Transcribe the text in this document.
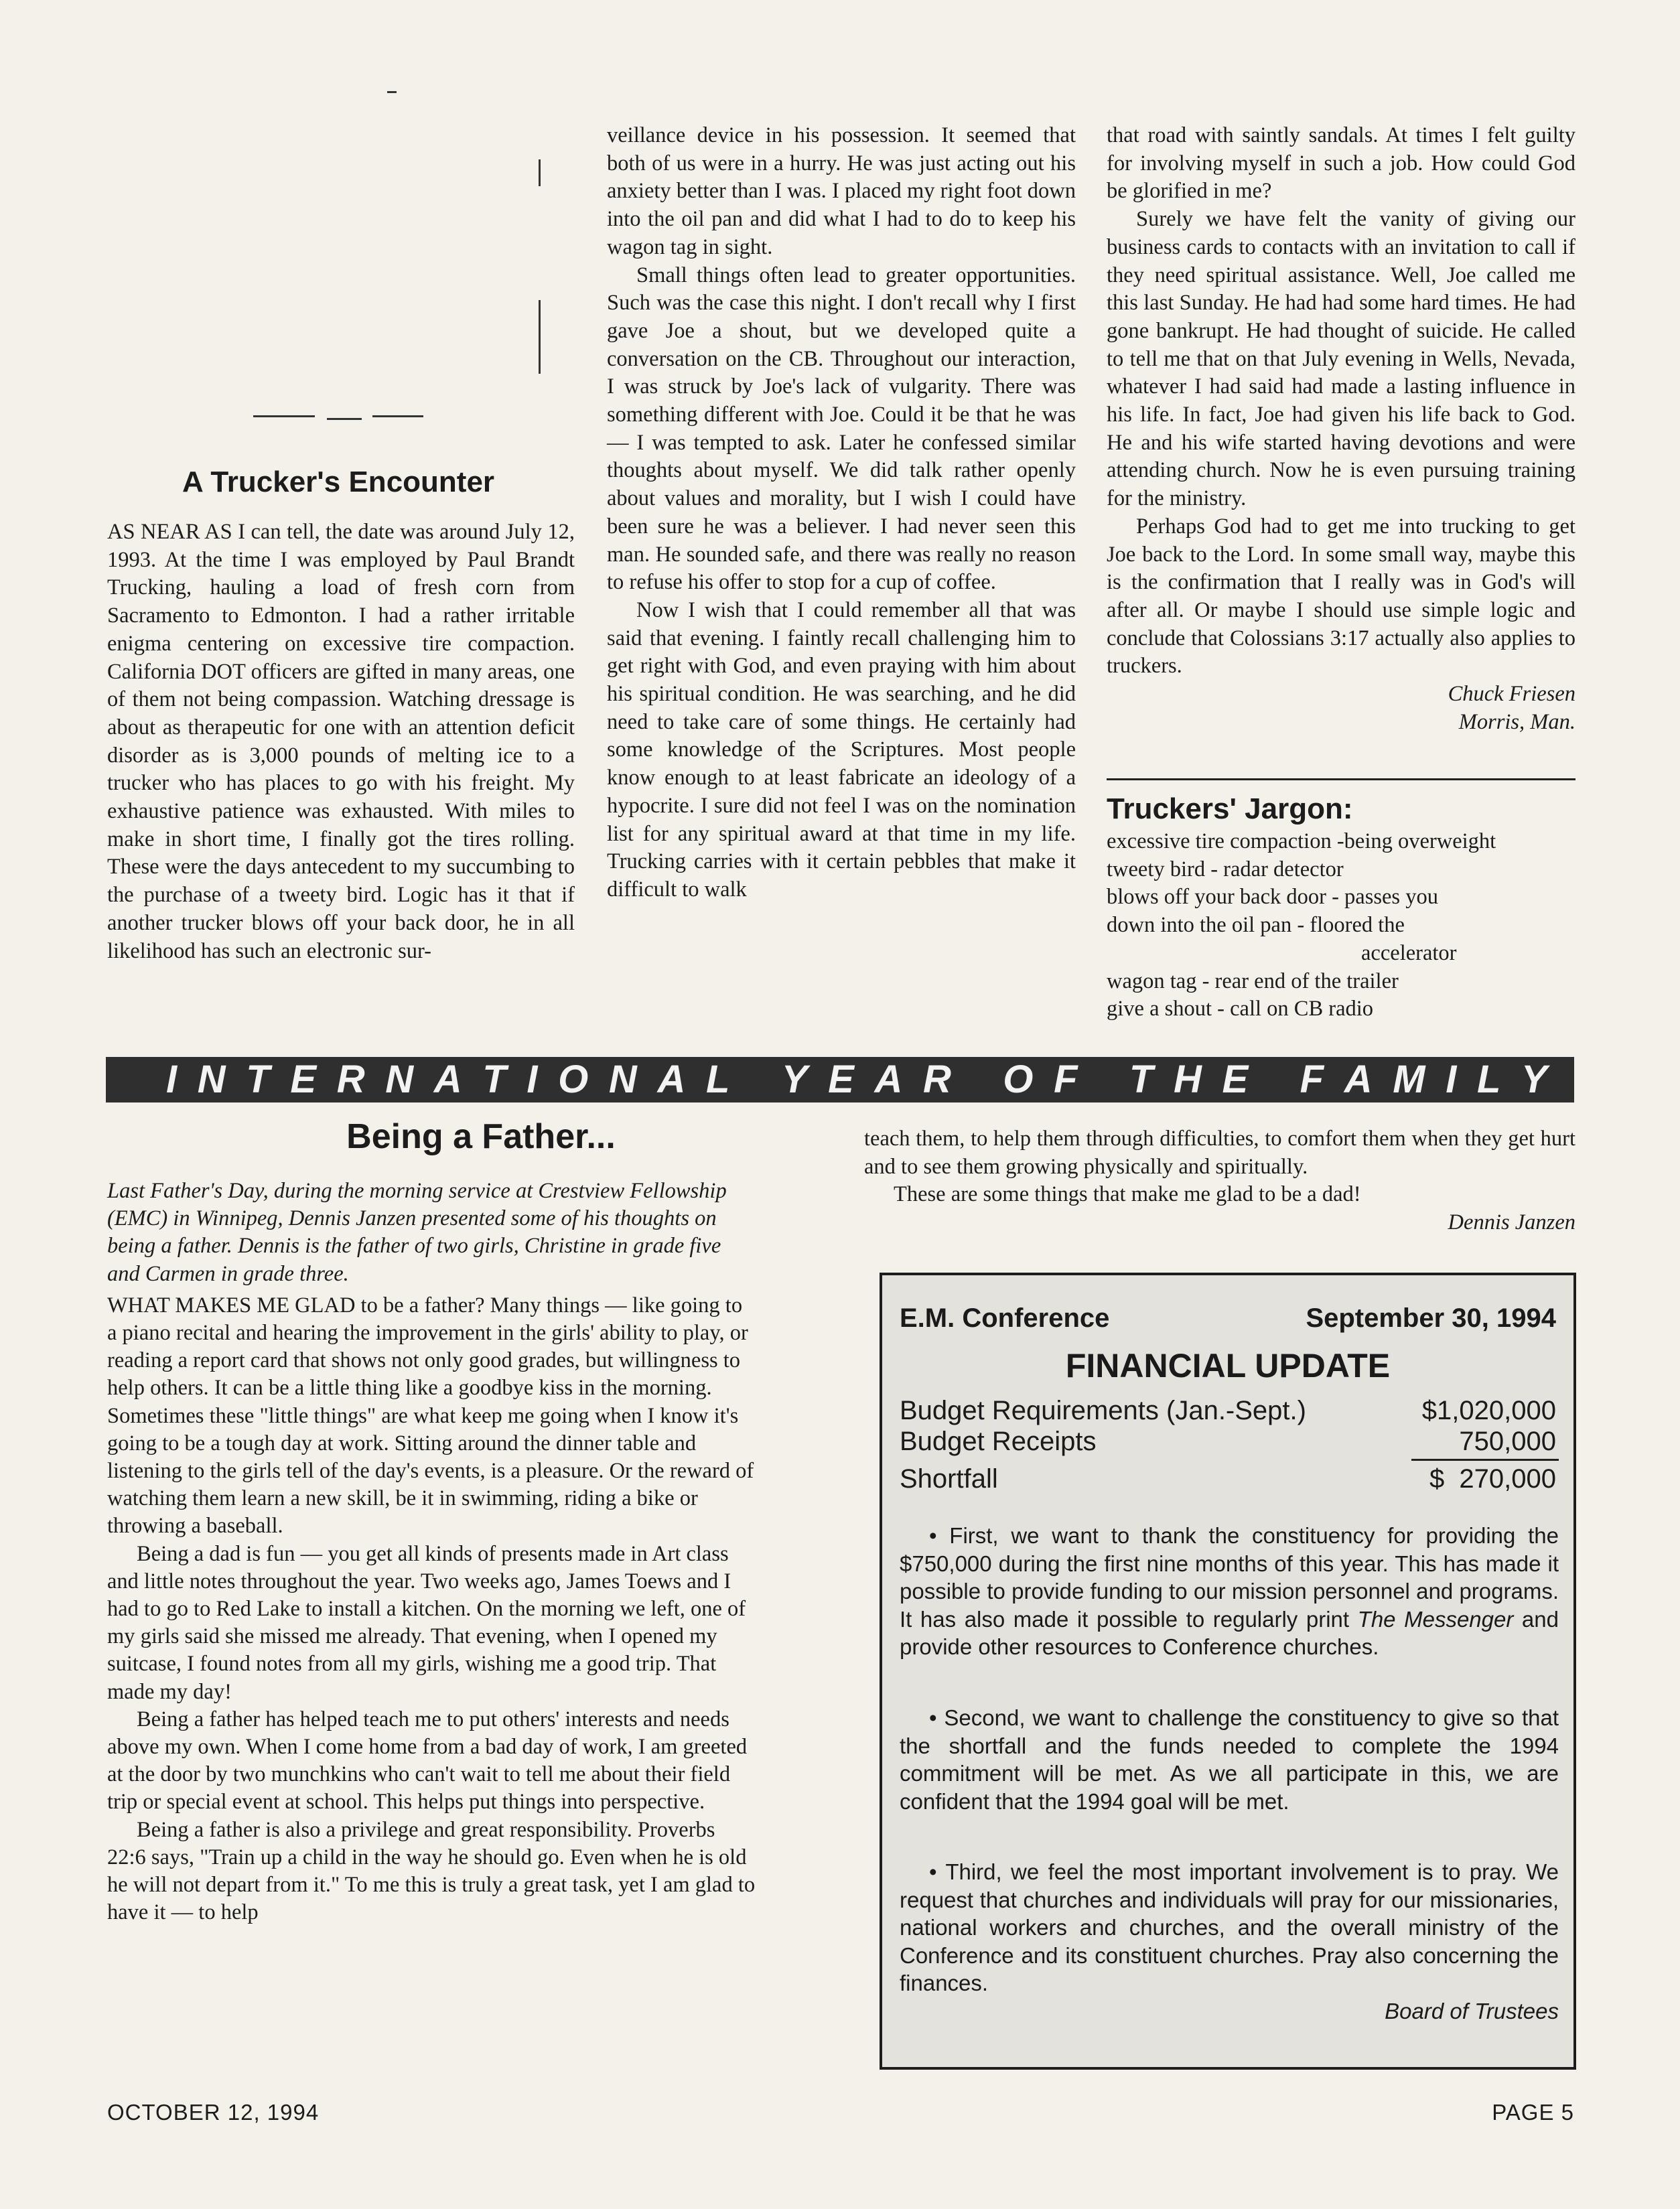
A Trucker's Encounter

AS NEAR AS I can tell, the date was around July 12, 1993. At the time I was employed by Paul Brandt Trucking, hauling a load of fresh corn from Sacramento to Edmonton. I had a rather irritable enigma centering on excessive tire compaction. California DOT officers are gifted in many areas, one of them not being compassion. Watching dressage is about as therapeutic for one with an attention deficit disorder as is 3,000 pounds of melting ice to a trucker who has places to go with his freight. My exhaustive patience was exhausted. With miles to make in short time, I finally got the tires rolling. These were the days antecedent to my succumbing to the purchase of a tweety bird. Logic has it that if another trucker blows off your back door, he in all likelihood has such an electronic sur-

veillance device in his possession. It seemed that both of us were in a hurry. He was just acting out his anxiety better than I was. I placed my right foot down into the oil pan and did what I had to do to keep his wagon tag in sight.

Small things often lead to greater opportunities. Such was the case this night. I don't recall why I first gave Joe a shout, but we developed quite a conversation on the CB. Throughout our interaction, I was struck by Joe's lack of vulgarity. There was something different with Joe. Could it be that he was — I was tempted to ask. Later he confessed similar thoughts about myself. We did talk rather openly about values and morality, but I wish I could have been sure he was a believer. I had never seen this man. He sounded safe, and there was really no reason to refuse his offer to stop for a cup of coffee.

Now I wish that I could remember all that was said that evening. I faintly recall challenging him to get right with God, and even praying with him about his spiritual condition. He was searching, and he did need to take care of some things. He certainly had some knowledge of the Scriptures. Most people know enough to at least fabricate an ideology of a hypocrite. I sure did not feel I was on the nomination list for any spiritual award at that time in my life. Trucking carries with it certain pebbles that make it difficult to walk

that road with saintly sandals. At times I felt guilty for involving myself in such a job. How could God be glorified in me?

Surely we have felt the vanity of giving our business cards to contacts with an invitation to call if they need spiritual assistance. Well, Joe called me this last Sunday. He had had some hard times. He had gone bankrupt. He had thought of suicide. He called to tell me that on that July evening in Wells, Nevada, whatever I had said had made a lasting influence in his life. In fact, Joe had given his life back to God. He and his wife started having devotions and were attending church. Now he is even pursuing training for the ministry.

Perhaps God had to get me into trucking to get Joe back to the Lord. In some small way, maybe this is the confirmation that I really was in God's will after all. Or maybe I should use simple logic and conclude that Colossians 3:17 actually also applies to truckers.

Chuck Friesen

Morris, Man.

Truckers' Jargon:

excessive tire compaction -being overweight

tweety bird - radar detector

blows off your back door - passes you

down into the oil pan - floored the

accelerator

wagon tag - rear end of the trailer

give a shout - call on CB radio

I N T E R N A T I O N A L
Y E A R
O F
T H E
F A M I L Y
Being a Father...

Last Father's Day, during the morning service at Crestview Fellowship (EMC) in Winnipeg, Dennis Janzen presented some of his thoughts on being a father. Dennis is the father of two girls, Christine in grade five and Carmen in grade three.

WHAT MAKES ME GLAD to be a father? Many things — like going to a piano recital and hearing the improvement in the girls' ability to play, or reading a report card that shows not only good grades, but willingness to help others. It can be a little thing like a goodbye kiss in the morning. Sometimes these "little things" are what keep me going when I know it's going to be a tough day at work. Sitting around the dinner table and listening to the girls tell of the day's events, is a pleasure. Or the reward of watching them learn a new skill, be it in swimming, riding a bike or throwing a baseball.

Being a dad is fun — you get all kinds of presents made in Art class and little notes throughout the year. Two weeks ago, James Toews and I had to go to Red Lake to install a kitchen. On the morning we left, one of my girls said she missed me already. That evening, when I opened my suitcase, I found notes from all my girls, wishing me a good trip. That made my day!

Being a father has helped teach me to put others' interests and needs above my own. When I come home from a bad day of work, I am greeted at the door by two munchkins who can't wait to tell me about their field trip or special event at school. This helps put things into perspective.

Being a father is also a privilege and great responsibility. Proverbs 22:6 says, "Train up a child in the way he should go. Even when he is old he will not depart from it." To me this is truly a great task, yet I am glad to have it — to help

teach them, to help them through difficulties, to comfort them when they get hurt and to see them growing physically and spiritually.

These are some things that make me glad to be a dad!

Dennis Janzen

E.M. Conference	September 30, 1994
FINANCIAL UPDATE
Budget Requirements (Jan.-Sept.)	$1,020,000
Budget Receipts	750,000
Shortfall	$  270,000

• First, we want to thank the constituency for providing the $750,000 during the first nine months of this year. This has made it possible to provide funding to our mission personnel and programs. It has also made it possible to regularly print The Messenger and provide other resources to Conference churches.

• Second, we want to challenge the constituency to give so that the shortfall and the funds needed to complete the 1994 commitment will be met. As we all participate in this, we are confident that the 1994 goal will be met.

• Third, we feel the most important involvement is to pray. We request that churches and individuals will pray for our missionaries, national workers and churches, and the overall ministry of the Conference and its constituent churches. Pray also concerning the finances.

Board of Trustees

OCTOBER 12, 1994	PAGE 5
